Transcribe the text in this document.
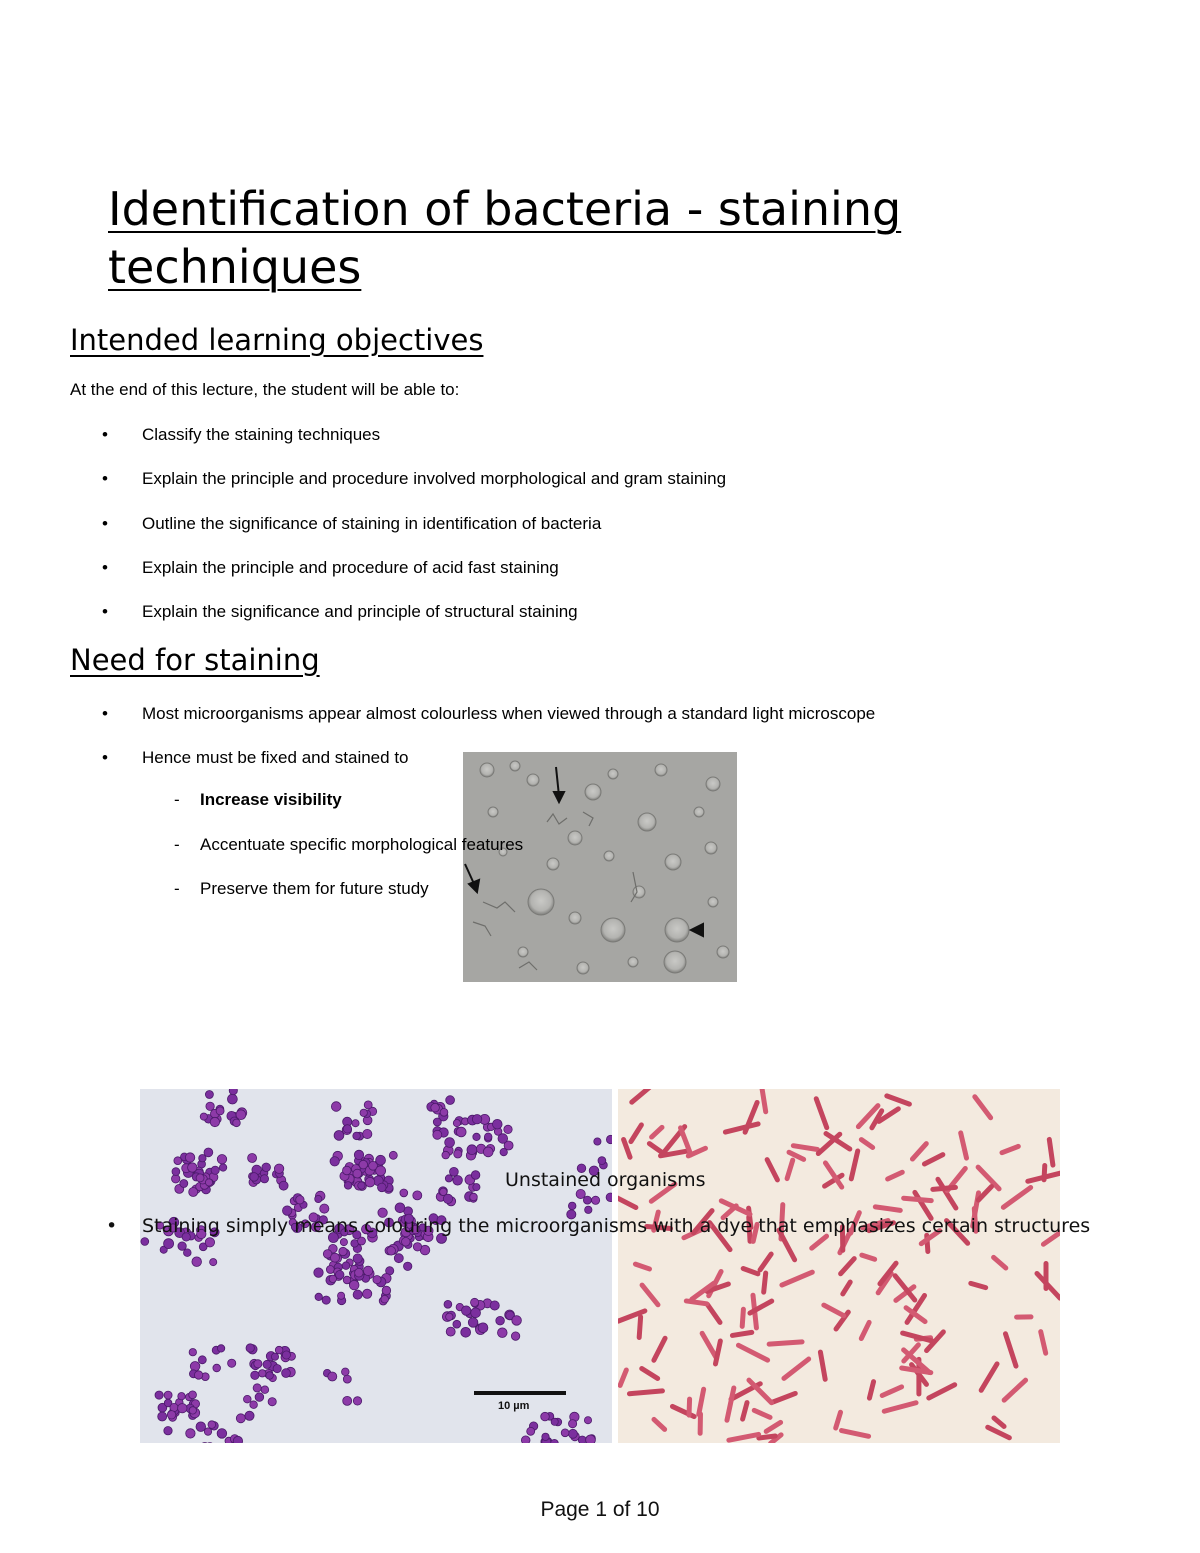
Identification of bacteria - staining techniques
Intended learning objectives
At the end of this lecture, the student will be able to:
• Classify the staining techniques
• Explain the principle and procedure involved morphological and gram staining
• Outline the significance of staining in identification of bacteria
• Explain the principle and procedure of acid fast staining
• Explain the significance and principle of structural staining
Need for staining
• Most microorganisms appear almost colourless when viewed through a standard light microscope
• Hence must be fixed and stained to
- Increase visibility
- Accentuate specific morphological features
- Preserve them for future study
10 µm
Unstained organisms
• Staining simply means colouring the microorganisms with a dye that emphasizes certain structures
Page 1 of 10
